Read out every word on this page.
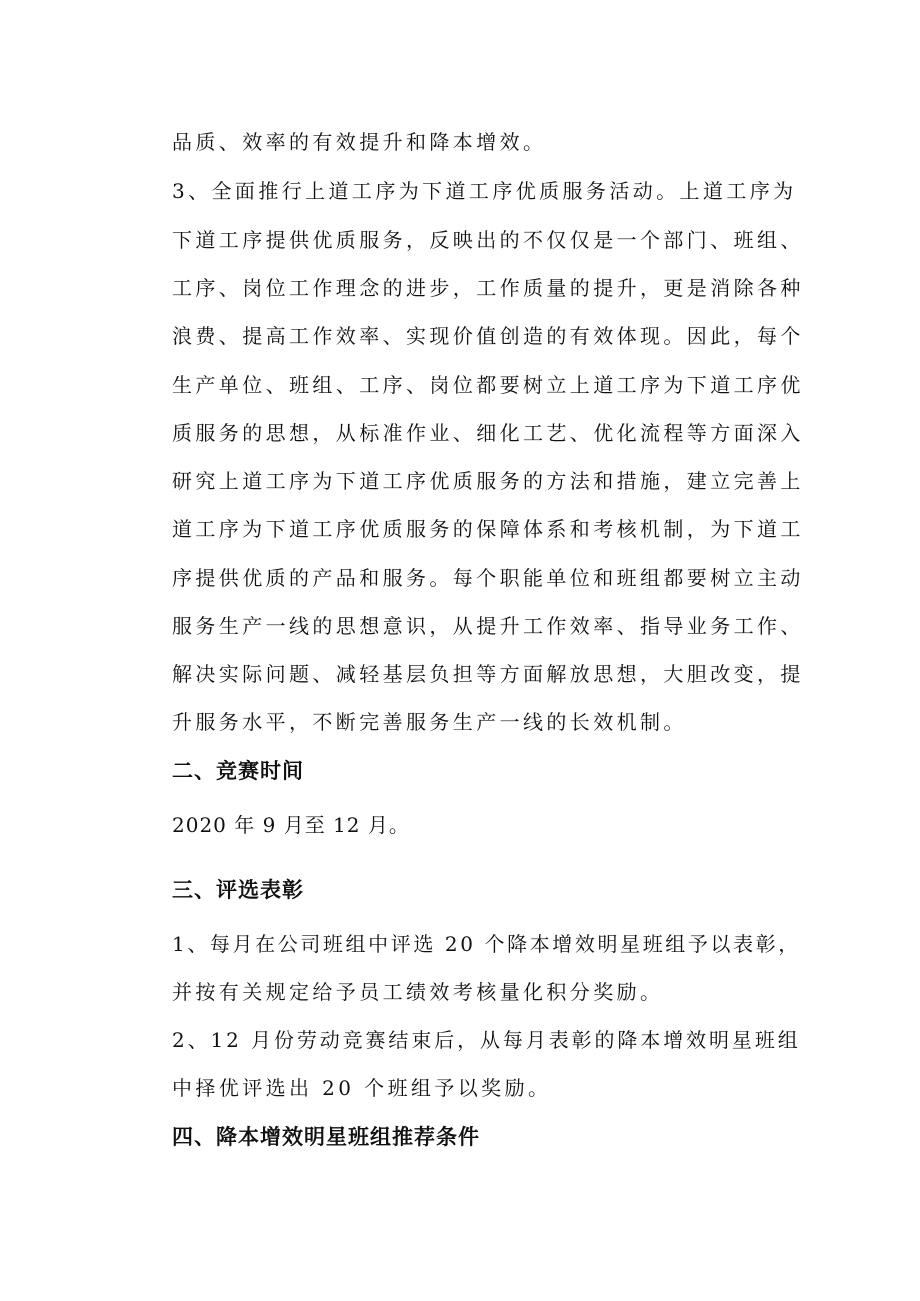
品质、效率的有效提升和降本增效。
3、全面推行上道工序为下道工序优质服务活动。上道工序为
下道工序提供优质服务，反映出的不仅仅是一个部门、班组、
工序、岗位工作理念的进步，工作质量的提升，更是消除各种
浪费、提高工作效率、实现价值创造的有效体现。因此，每个
生产单位、班组、工序、岗位都要树立上道工序为下道工序优
质服务的思想，从标准作业、细化工艺、优化流程等方面深入
研究上道工序为下道工序优质服务的方法和措施，建立完善上
道工序为下道工序优质服务的保障体系和考核机制，为下道工
序提供优质的产品和服务。每个职能单位和班组都要树立主动
服务生产一线的思想意识，从提升工作效率、指导业务工作、
解决实际问题、减轻基层负担等方面解放思想，大胆改变，提
升服务水平，不断完善服务生产一线的长效机制。
二、竞赛时间
2020 年 9 月至 12 月。
三、评选表彰
1、每月在公司班组中评选 20 个降本增效明星班组予以表彰，
并按有关规定给予员工绩效考核量化积分奖励。
2、12 月份劳动竞赛结束后，从每月表彰的降本增效明星班组
中择优评选出 20 个班组予以奖励。
四、降本增效明星班组推荐条件
